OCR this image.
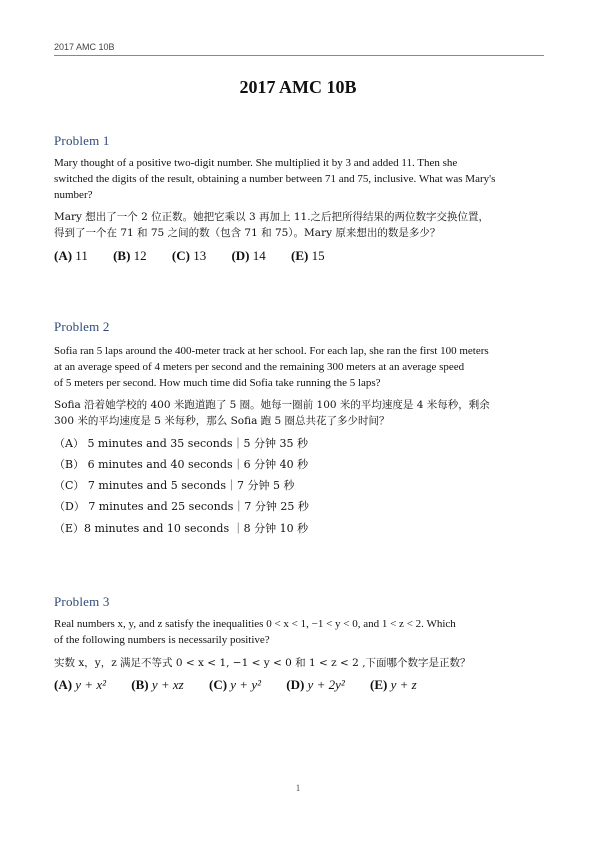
2017 AMC 10B
2017 AMC 10B
Problem 1
Mary thought of a positive two-digit number. She multiplied it by 3 and added 11. Then she
switched the digits of the result, obtaining a number between 71 and 75, inclusive. What was Mary's
number?
Mary 想出了一个 2 位正数。她把它乘以 3 再加上 11.之后把所得结果的两位数字交换位置，
得到了一个在 71 和 75 之间的数（包含 71 和 75）。Mary 原来想出的数是多少？
(A) 11 (B) 12 (C) 13 (D) 14 (E) 15
Problem 2
Sofia ran 5 laps around the 400-meter track at her school. For each lap, she ran the first 100 meters
at an average speed of 4 meters per second and the remaining 300 meters at an average speed
of 5 meters per second. How much time did Sofia take running the 5 laps?
Sofia 沿着她学校的 400 米跑道跑了 5 圈。她每一圈前 100 米的平均速度是 4 米每秒，剩余
300 米的平均速度是 5 米每秒，那么 Sofia 跑 5 圈总共花了多少时间？
（A） 5 minutes and 35 seconds｜5 分钟 35 秒
（B） 6 minutes and 40 seconds｜6 分钟 40 秒
（C） 7 minutes and 5 seconds｜7 分钟 5 秒
（D） 7 minutes and 25 seconds｜7 分钟 25 秒
（E）8 minutes and 10 seconds ｜8 分钟 10 秒
Problem 3
Real numbers x, y, and z satisfy the inequalities 0 < x < 1, −1 < y < 0, and 1 < z < 2. Which
of the following numbers is necessarily positive?
实数 x，y，z 满足不等式 0 < x < 1, −1 < y < 0 和 1 < z < 2 ,下面哪个数字是正数？
(A) y + x² (B) y + xz (C) y + y² (D) y + 2y² (E) y + z
1
